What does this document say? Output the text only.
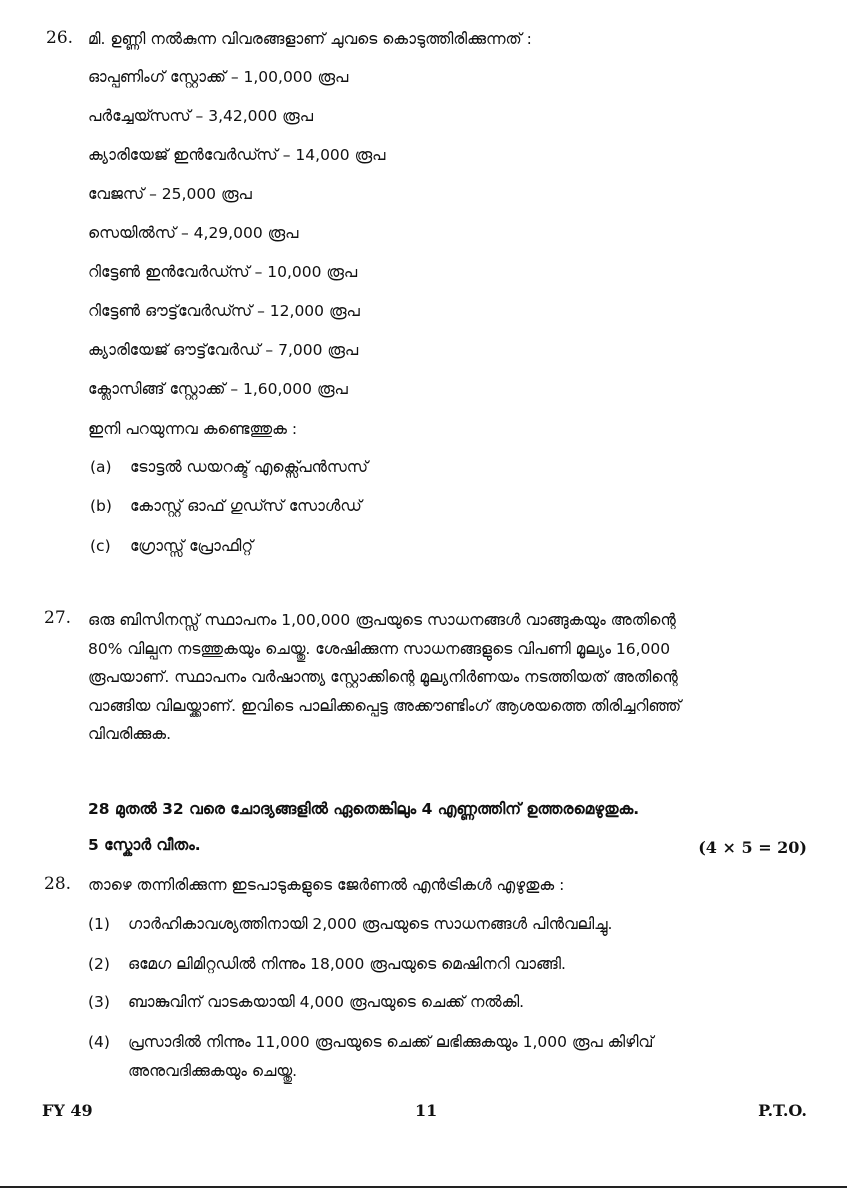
26. മി. ഉണ്ണി നൽകുന്ന വിവരങ്ങളാണ് ചുവടെ കൊടുത്തിരിക്കുന്നത് :
ഓപ്പണിംഗ് സ്റ്റോക്ക് – 1,00,000 രൂപ
പർച്ചേയ്സസ് – 3,42,000 രൂപ
ക്യാരിയേജ് ഇൻവേർഡ്സ് – 14,000 രൂപ
വേജസ് – 25,000 രൂപ
സെയിൽസ് – 4,29,000 രൂപ
റിട്ടേൺ ഇൻവേർഡ്സ് – 10,000 രൂപ
റിട്ടേൺ ഔട്ട്‌വേർഡ്സ് – 12,000 രൂപ
ക്യാരിയേജ് ഔട്ട്‌വേർഡ് – 7,000 രൂപ
ക്ലോസിങ്ങ് സ്റ്റോക്ക് – 1,60,000 രൂപ
ഇനി പറയുന്നവ കണ്ടെത്തുക :
(a) ടോട്ടൽ ഡയറക്ട് എക്സ്പെൻസസ്
(b) കോസ്റ്റ് ഓഫ് ഗുഡ്സ് സോൾഡ്
(c) ഗ്രോസ്സ് പ്രോഫിറ്റ്
27. ഒരു ബിസിനസ്സ് സ്ഥാപനം 1,00,000 രൂപയുടെ സാധനങ്ങൾ വാങ്ങുകയും അതിന്റെ
80% വില്പന നടത്തുകയും ചെയ്തു. ശേഷിക്കുന്ന സാധനങ്ങളുടെ വിപണി മൂല്യം 16,000
രൂപയാണ്. സ്ഥാപനം വർഷാന്ത്യ സ്റ്റോക്കിന്റെ മൂല്യനിർണയം നടത്തിയത് അതിന്റെ
വാങ്ങിയ വിലയ്ക്കാണ്. ഇവിടെ പാലിക്കപ്പെട്ട അക്കൗണ്ടിംഗ് ആശയത്തെ തിരിച്ചറിഞ്ഞ്
വിവരിക്കുക.
28 മുതൽ 32 വരെ ചോദ്യങ്ങളിൽ ഏതെങ്കിലും 4 എണ്ണത്തിന് ഉത്തരമെഴുതുക.
5 സ്കോർ വീതം.	(4 × 5 = 20)
28. താഴെ തന്നിരിക്കുന്ന ഇടപാടുകളുടെ ജേർണൽ എൻട്രികൾ എഴുതുക :
(1) ഗാർഹികാവശ്യത്തിനായി 2,000 രൂപയുടെ സാധനങ്ങൾ പിൻവലിച്ചു.
(2) ഒമേഗ ലിമിറ്റഡിൽ നിന്നും 18,000 രൂപയുടെ മെഷിനറി വാങ്ങി.
(3) ബാങ്കുവിന് വാടകയായി 4,000 രൂപയുടെ ചെക്ക് നൽകി.
(4) പ്രസാദിൽ നിന്നും 11,000 രൂപയുടെ ചെക്ക് ലഭിക്കുകയും 1,000 രൂപ കിഴിവ്
അനുവദിക്കുകയും ചെയ്തു.
FY 49	11	P.T.O.
